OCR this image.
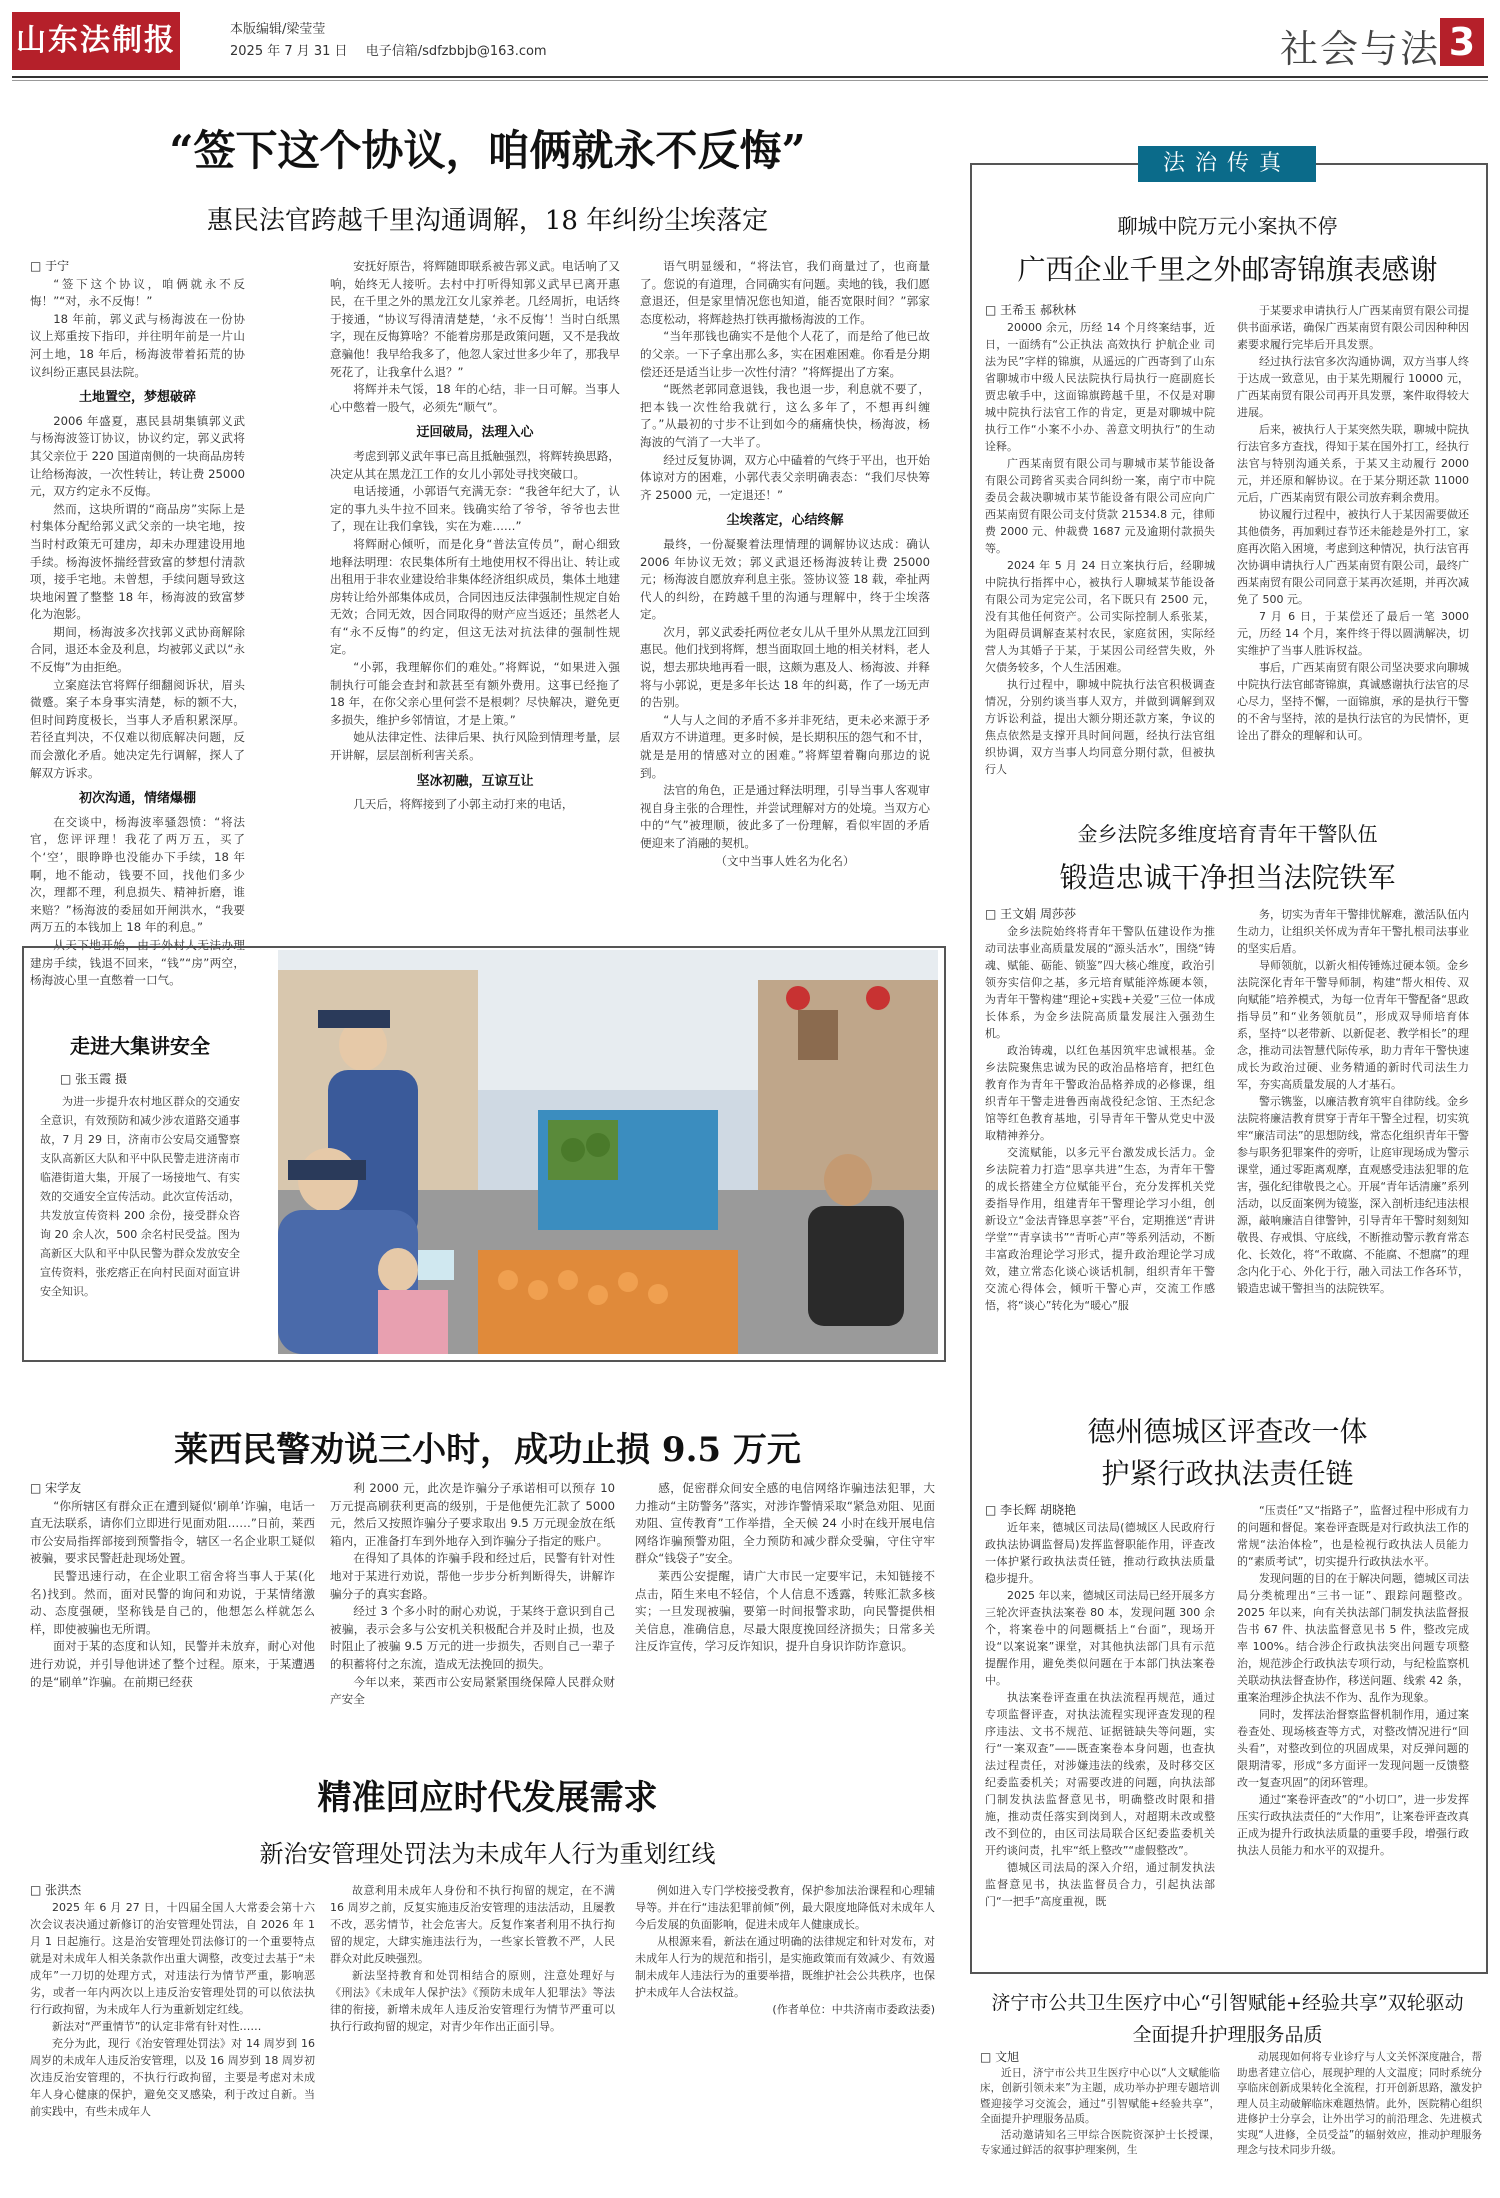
山东法制报	本版编辑/梁莹莹
2025 年 7 月 31 日 电子信箱/sdfzbbjb@163.com	社会与法 3
“签下这个协议，咱俩就永不反悔”
惠民法官跨越千里沟通调解，18 年纠纷尘埃落定

□ 于宁

“签下这个协议，咱俩就永不反悔！”“对，永不反悔！”

18 年前，郭义武与杨海波在一份协议上郑重按下指印，并往明年前是一片山河土地，18 年后，杨海波带着拓荒的协议纠纷正惠民县法院。

土地置空，梦想破碎

2006 年盛夏，惠民县胡集镇郭义武与杨海波签订协议，协议约定，郭义武将其父亲位于 220 国道南侧的一块商品房转让给杨海波，一次性转让，转让费 25000 元，双方约定永不反悔。

然而，这块所谓的“商品房”实际上是村集体分配给郭义武父亲的一块宅地，按当时村政策无可建房，却未办理建设用地手续。杨海波怀揣经营致富的梦想付清款项，接手宅地。未曾想，手续问题导致这块地闲置了整整 18 年，杨海波的致富梦化为泡影。

期间，杨海波多次找郭义武协商解除合同，退还本金及利息，均被郭义武以“永不反悔”为由拒绝。

立案庭法官将辉仔细翻阅诉状，眉头微蹙。案子本身事实清楚，标的额不大，但时间跨度极长，当事人矛盾积累深厚。若径直判决，不仅难以彻底解决问题，反而会激化矛盾。她决定先行调解，探人了解双方诉求。

初次沟通，情绪爆棚

在交谈中，杨海波率骚怨愤：“将法官，您评评理！我花了两万五，买了个‘空’，眼睁睁也没能办下手续，18 年啊，地不能动，钱要不回，找他们多少次，理都不理，利息损失、精神折磨，谁来赔？”杨海波的委屈如开闸洪水，“我要两万五的本钱加上 18 年的利息。”

从天下地开始，由于外村人无法办理建房手续，钱退不回来，“钱”“房”两空，杨海波心里一直憋着一口气。

安抚好原告，将辉随即联系被告郭义武。电话响了又响，始终无人接听。去村中打听得知郭义武早已离开惠民，在千里之外的黑龙江女儿家养老。几经周折，电话终于接通，“协议写得清清楚楚，‘永不反悔’！当时白纸黑字，现在反悔算啥？不能着房那是政策问题，又不是我故意骗他！我早给我多了，他忽人家过世多少年了，那我早死花了，让我拿什么退？”

将辉并未气馁，18 年的心结，非一日可解。当事人心中憋着一股气，必须先“顺气”。

迂回破局，法理入心

考虑到郭义武年事已高且抵触强烈，将辉转换思路，决定从其在黑龙江工作的女儿小郭处寻找突破口。

电话接通，小郭语气充满无奈：“我爸年纪大了，认定的事九头牛拉不回来。钱确实给了爷爷，爷爷也去世了，现在让我们拿钱，实在为难……”

将辉耐心倾听，而是化身“普法宣传员”，耐心细致地释法明理：农民集体所有土地使用权不得出让、转让或出租用于非农业建设给非集体经济组织成员，集体土地建房转让给外部集体成员，合同因违反法律强制性规定自始无效；合同无效，因合同取得的财产应当返还；虽然老人有“永不反悔”的约定，但这无法对抗法律的强制性规定。

“小郭，我理解你们的难处。”将辉说，“如果进入强制执行可能会查封和款甚至有额外费用。这事已经拖了 18 年，在你父亲心里何尝不是根刺？尽快解决，避免更多损失，维护乡邻情谊，才是上策。”

她从法律定性、法律后果、执行风险到情理考量，层开讲解，层层剖析利害关系。

坚冰初融，互谅互让

几天后，将辉接到了小郭主动打来的电话，

语气明显缓和，“将法官，我们商量过了，也商量了。您说的有道理，合同确实有问题。卖地的钱，我们愿意退还，但是家里情况您也知道，能否宽限时间？”郭家态度松动，将辉趁热打铁再撤杨海波的工作。

“当年那钱也确实不是他个人花了，而是给了他已故的父亲。一下子拿出那么多，实在困难困难。你看是分期偿还还是适当让步一次性付清？”将辉提出了方案。

“既然老郭同意退钱，我也退一步，利息就不要了，把本钱一次性给我就行，这么多年了，不想再纠缠了。”从最初的寸步不让到如今的痛痛快快，杨海波，杨海波的气消了一大半了。

经过反复协调，双方心中磕着的气终于平出，也开始体谅对方的困难，小郭代表父亲明确表态：“我们尽快筹齐 25000 元，一定退还！”

尘埃落定，心结终解

最终，一份凝聚着法理情理的调解协议达成：确认 2006 年协议无效；郭义武退还杨海波转让费 25000 元；杨海波自愿放弃利息主张。签协议签 18 载，牵扯两代人的纠纷，在跨越千里的沟通与理解中，终于尘埃落定。

次月，郭义武委托两位老女儿从千里外从黑龙江回到惠民。他们找到将辉，想当面取回土地的相关材料，老人说，想去那块地再看一眼，这颇为惠及人、杨海波、并释将与小郭说，更是多年长达 18 年的纠葛，作了一场无声的告别。

“人与人之间的矛盾不多并非死结，更未必来源于矛盾双方不讲道理。更多时候，是长期积压的怨气和不甘，就是是用的情感对立的困难。”将辉望着鞠向那边的说到。

法官的角色，正是通过释法明理，引导当事人客观审视自身主张的合理性，并尝试理解对方的处境。当双方心中的“气”被理顺，彼此多了一份理解，看似牢固的矛盾便迎来了消融的契机。

（文中当事人姓名为化名）

走进大集讲安全
□ 张玉霞 摄

为进一步提升农村地区群众的交通安全意识，有效预防和减少涉农道路交通事故，7 月 29 日，济南市公安局交通警察支队高新区大队和平中队民警走进济南市临港街道大集，开展了一场接地气、有实效的交通安全宣传活动。此次宣传活动，共发放宣传资料 200 余份，接受群众咨询 20 余人次，500 余名村民受益。图为高新区大队和平中队民警为群众发放安全宣传资料，张疙瘩正在向村民面对面宣讲安全知识。

莱西民警劝说三小时，成功止损 9.5 万元

□ 宋学友

“你所辖区有群众正在遭到疑似‘刷单’诈骗，电话一直无法联系，请你们立即进行见面劝阻……”日前，莱西市公安局指挥部接到预警指令，辖区一名企业职工疑似被骗，要求民警赶赴现场处置。

民警迅速行动，在企业职工宿舍将当事人于某(化名)找到。然而，面对民警的询问和劝说，于某情绪激动、态度强硬，坚称钱是自己的，他想怎么样就怎么样，即使被骗也无所谓。

面对于某的态度和认知，民警并未放弃，耐心对他进行劝说，并引导他讲述了整个过程。原来，于某遭遇的是“刷单”诈骗。在前期已经获

利 2000 元，此次是诈骗分子承诺相可以预存 10 万元提高刷获利更高的级别，于是他便先汇款了 5000 元，然后又按照诈骗分子要求取出 9.5 万元现金放在纸箱内，正准备打车到外地存入到诈骗分子指定的账户。

在得知了具体的诈骗手段和经过后，民警有针对性地对于某进行劝说，帮他一步步分析判断得失，讲解诈骗分子的真实套路。

经过 3 个多小时的耐心劝说，于某终于意识到自己被骗，表示会多与公安机关积极配合并及时止损，也及时阻止了被骗 9.5 万元的进一步损失，否则自己一辈子的积蓄将付之东流，造成无法挽回的损失。

今年以来，莱西市公安局紧紧围绕保障人民群众财产安全

感，促密群众间安全感的电信网络诈骗违法犯罪，大力推动“主防警务”落实，对涉诈警情采取“紧急劝阻、见面劝阻、宣传教育”工作举措，全天候 24 小时在线开展电信网络诈骗预警劝阻，全力预防和减少群众受骗，守住守牢群众“钱袋子”安全。

莱西公安提醒，请广大市民一定要牢记，未知链接不点击，陌生来电不轻信，个人信息不透露，转账汇款多核实；一旦发现被骗，要第一时间报警求助，向民警提供相关信息，准确信息，尽最大限度挽回经济损失；日常多关注反诈宣传，学习反诈知识，提升自身识诈防诈意识。

精准回应时代发展需求
新治安管理处罚法为未成年人行为重划红线

□ 张洪杰

2025 年 6 月 27 日，十四届全国人大常委会第十六次会议表决通过新修订的治安管理处罚法，自 2026 年 1 月 1 日起施行。这是治安管理处罚法修订的一个重要特点就是对未成年人相关条款作出重大调整，改变过去基于“未成年”一刀切的处理方式，对违法行为情节严重，影响恶劣，或者一年内两次以上违反治安管理处罚的可以依法执行行政拘留，为未成年人行为重新划定红线。

新法对“严重情节”的认定非常有针对性……

充分为此，现行《治安管理处罚法》对 14 周岁到 16 周岁的未成年人违反治安管理，以及 16 周岁到 18 周岁初次违反治安管理的，不执行行政拘留，主要是考虑对未成年人身心健康的保护，避免交叉感染，利于改过自新。当前实践中，有些未成年人

故意利用未成年人身份和不执行拘留的规定，在不满 16 周岁之前，反复实施违反治安管理的违法活动，且屡教不改，恶劣情节，社会危害大。反复作案者利用不执行拘留的规定，大肆实施违法行为，一些家长管教不严，人民群众对此反映强烈。

新法坚持教育和处罚相结合的原则，注意处理好与《刑法》《未成年人保护法》《预防未成年人犯罪法》等法律的衔接，新增未成年人违反治安管理行为情节严重可以执行行政拘留的规定，对青少年作出正面引导。

例如进入专门学校接受教育，保护参加法治课程和心理辅导等。并在行“违法犯罪前倾”例，最大限度地降低对未成年人今后发展的负面影响，促进未成年人健康成长。

从根源来看，新法在通过明确的法律规定和针对发布，对未成年人行为的规范和指引，是实施政策而有效减少、有效遏制未成年人违法行为的重要举措，既维护社会公共秩序，也保护未成年人合法权益。

(作者单位：中共济南市委政法委)

法治传真
聊城中院万元小案执不停
广西企业千里之外邮寄锦旗表感谢

□ 王希玉 郝秋林

20000 余元，历经 14 个月终案结事，近日，一面绣有“公正执法 高效执行 护航企业 司法为民”字样的锦旗，从遥远的广西寄到了山东省聊城市中级人民法院执行局执行一庭副庭长贾忠敏手中，这面锦旗跨越千里，不仅是对聊城中院执行法官工作的肯定，更是对聊城中院执行工作“小案不小办、善意文明执行”的生动诠释。

广西某南贸有限公司与聊城市某节能设备有限公司跨省买卖合同纠纷一案，南宁市中院委员会裁决聊城市某节能设备有限公司应向广西某南贸有限公司支付货款 21534.8 元，律师费 2000 元、仲裁费 1687 元及逾期付款损失等。

2024 年 5 月 24 日立案执行后，经聊城中院执行指挥中心，被执行人聊城某节能设备有限公司为定完公司，名下既只有 2500 元，没有其他任何资产。公司实际控制人系张某，为阻碍员调解查某村农民，家庭贫困，实际经营人为其婚子于某，于某因公司经营失败，外欠债务较多，个人生活困难。

执行过程中，聊城中院执行法官积极调查情况，分别约谈当事人双方，并做到调解到双方诉讼利益，提出大额分期还款方案，争议的焦点依然是支撑开具时间问题，经执行法官组织协调，双方当事人均同意分期付款，但被执行人

于某要求申请执行人广西某南贸有限公司提供书面承诺，确保广西某南贸有限公司因种种因素要求履行完毕后开具发票。

经过执行法官多次沟通协调，双方当事人终于达成一致意见，由于某先期履行 10000 元，广西某南贸有限公司再开具发票，案件取得较大进展。

后来，被执行人于某突然失联，聊城中院执行法官多方查找，得知于某在国外打工，经执行法官与特别沟通关系，于某又主动履行 2000 元，并还原和解协议。在于某分期还款 11000 元后，广西某南贸有限公司放弃剩余费用。

协议履行过程中，被执行人于某因需要做还其他债务，再加剩过春节还未能趁是外打工，家庭再次陷入困境，考虑到这种情况，执行法官再次协调申请执行人广西某南贸有限公司，最终广西某南贸有限公司同意于某再次延期，并再次减免了 500 元。

7 月 6 日，于某偿还了最后一笔 3000 元，历经 14 个月，案件终于得以圆满解决，切实维护了当事人胜诉权益。

事后，广西某南贸有限公司坚决要求向聊城中院执行法官邮寄锦旗，真诚感谢执行法官的尽心尽力，坚持不懈，一面锦旗，承的是执行干警的不舍与坚持，浓的是执行法官的为民情怀，更诠出了群众的理解和认可。

金乡法院多维度培育青年干警队伍
锻造忠诚干净担当法院铁军

□ 王文娟 周莎莎

金乡法院始终将青年干警队伍建设作为推动司法事业高质量发展的“源头活水”，围绕“铸魂、赋能、砺能、锁鉴”四大核心维度，政治引领夯实信仰之基，多元培育赋能淬炼硬本领，为青年干警构建“理论+实践+关爱”三位一体成长体系，为金乡法院高质量发展注入强劲生机。

政治铸魂，以红色基因筑牢忠诚根基。金乡法院聚焦忠诚为民的政治品格培育，把红色教育作为青年干警政治品格养成的必修课，组织青年干警走进鲁西南战役纪念馆、王杰纪念馆等红色教育基地，引导青年干警从党史中汲取精神养分。

交流赋能，以多元平台激发成长活力。金乡法院着力打造“思享共进”生态，为青年干警的成长搭建全方位赋能平台，充分发挥机关党委指导作用，组建青年干警理论学习小组，创新设立“金法青锋思享荟”平台，定期推送“青讲学堂”“青享读书”“青听心声”等系列活动，不断丰富政治理论学习形式，提升政治理论学习成效，建立常态化谈心谈话机制，组织青年干警交流心得体会，倾听干警心声，交流工作感悟，将“谈心”转化为“暖心”服

务，切实为青年干警排忧解难，激活队伍内生动力，让组织关怀成为青年干警扎根司法事业的坚实后盾。

导师领航，以新火相传锤炼过硬本领。金乡法院深化青年干警导师制，构建“帮火相传、双向赋能”培养模式，为每一位青年干警配备“思政指导员”和“业务领航员”，形成双导师培育体系，坚持“以老带新、以新促老、教学相长”的理念，推动司法智慧代际传承，助力青年干警快速成长为政治过硬、业务精通的新时代司法生力军，夯实高质量发展的人才基石。

警示镌鉴，以廉洁教育筑牢自律防线。金乡法院将廉洁教育贯穿于青年干警全过程，切实筑牢“廉洁司法”的思想防线，常态化组织青年干警参与职务犯罪案件的旁听，让庭审现场成为警示课堂，通过零距离观摩，直观感受违法犯罪的危害，强化纪律敬畏之心。开展“青年话清廉”系列活动，以反面案例为镜鉴，深入剖析违纪违法根源，敲响廉洁自律警钟，引导青年干警时刻刻知敬畏、存戒惧、守底线，不断推动警示教育常态化、长效化，将“不敢腐、不能腐、不想腐”的理念内化于心、外化于行，融入司法工作各环节，锻造忠诚干警担当的法院铁军。

德州德城区评查改一体
护紧行政执法责任链

□ 李长辉 胡晓艳

近年来，德城区司法局(德城区人民政府行政执法协调监督局)发挥监督职能作用，评查改一体护紧行政执法责任链，推动行政执法质量稳步提升。

2025 年以来，德城区司法局已经开展多方三轮次评查执法案卷 80 本，发现问题 300 余个，将案卷中的问题概括上“台面”，现场开设“以案说案”课堂，对其他执法部门具有示范提醒作用，避免类似问题在于本部门执法案卷中。

执法案卷评查重在执法流程再规范，通过专项监督评查，对执法流程实现评查发现的程序违法、文书不规范、证据链缺失等问题，实行“一案双查”——既查案卷本身问题，也查执法过程责任，对涉嫌违法的线索，及时移交区纪委监委机关；对需要改进的问题，向执法部门制发执法监督意见书，明确整改时限和措施，推动责任落实到岗到人，对超期未改或整改不到位的，由区司法局联合区纪委监委机关开约谈问责，扎牢“纸上整改”“虚假整改”。

德城区司法局的深入介绍，通过制发执法监督意见书，执法监督员合力，引起执法部门“一把手”高度重视，既

“压责任”又“指路子”，监督过程中形成有力的问题和督促。案卷评查既是对行政执法工作的常规“法治体检”，也是检视行政执法人员能力的“素质考试”，切实提升行政执法水平。

发现问题的目的在于解决问题，德城区司法局分类梳理出“三书一证”、跟踪问题整改。2025 年以来，向有关执法部门制发执法监督报告书 67 件、执法监督意见书 5 件，整改完成率 100%。结合涉企行政执法突出问题专项整治，规范涉企行政执法专项行动，与纪检监察机关联动执法督查协作，移送问题、线索 42 条，重案治理涉企执法不作为、乱作为现象。

同时，发挥法治督察监督机制作用，通过案卷查处、现场核查等方式，对整改情况进行“回头看”，对整改到位的巩固成果，对反弹问题的限期清零，形成“多方面评一发现问题一反馈整改一复查巩固”的闭环管理。

通过“案卷评查改”的“小切口”，进一步发挥压实行政执法责任的“大作用”，让案卷评查改真正成为提升行政执法质量的重要手段，增强行政执法人员能力和水平的双提升。

济宁市公共卫生医疗中心“引智赋能+经验共享”双轮驱动
全面提升护理服务品质

□ 文旭

近日，济宁市公共卫生医疗中心以“人文赋能临床，创新引领未来”为主题，成功举办护理专题培训暨迎接学习交流会，通过“引智赋能+经验共享”，全面提升护理服务品质。

活动邀请知名三甲综合医院资深护士长授课，专家通过鲜活的叙事护理案例，生

动展现如何将专业诊疗与人文关怀深度融合，帮助患者建立信心，展现护理的人文温度；同时系统分享临床创新成果转化全流程，打开创新思路，激发护理人员主动破解临床难题热情。此外，医院精心组织进修护士分享会，让外出学习的前沿理念、先进模式实现“人进修，全员受益”的辐射效应，推动护理服务理念与技术同步升级。
